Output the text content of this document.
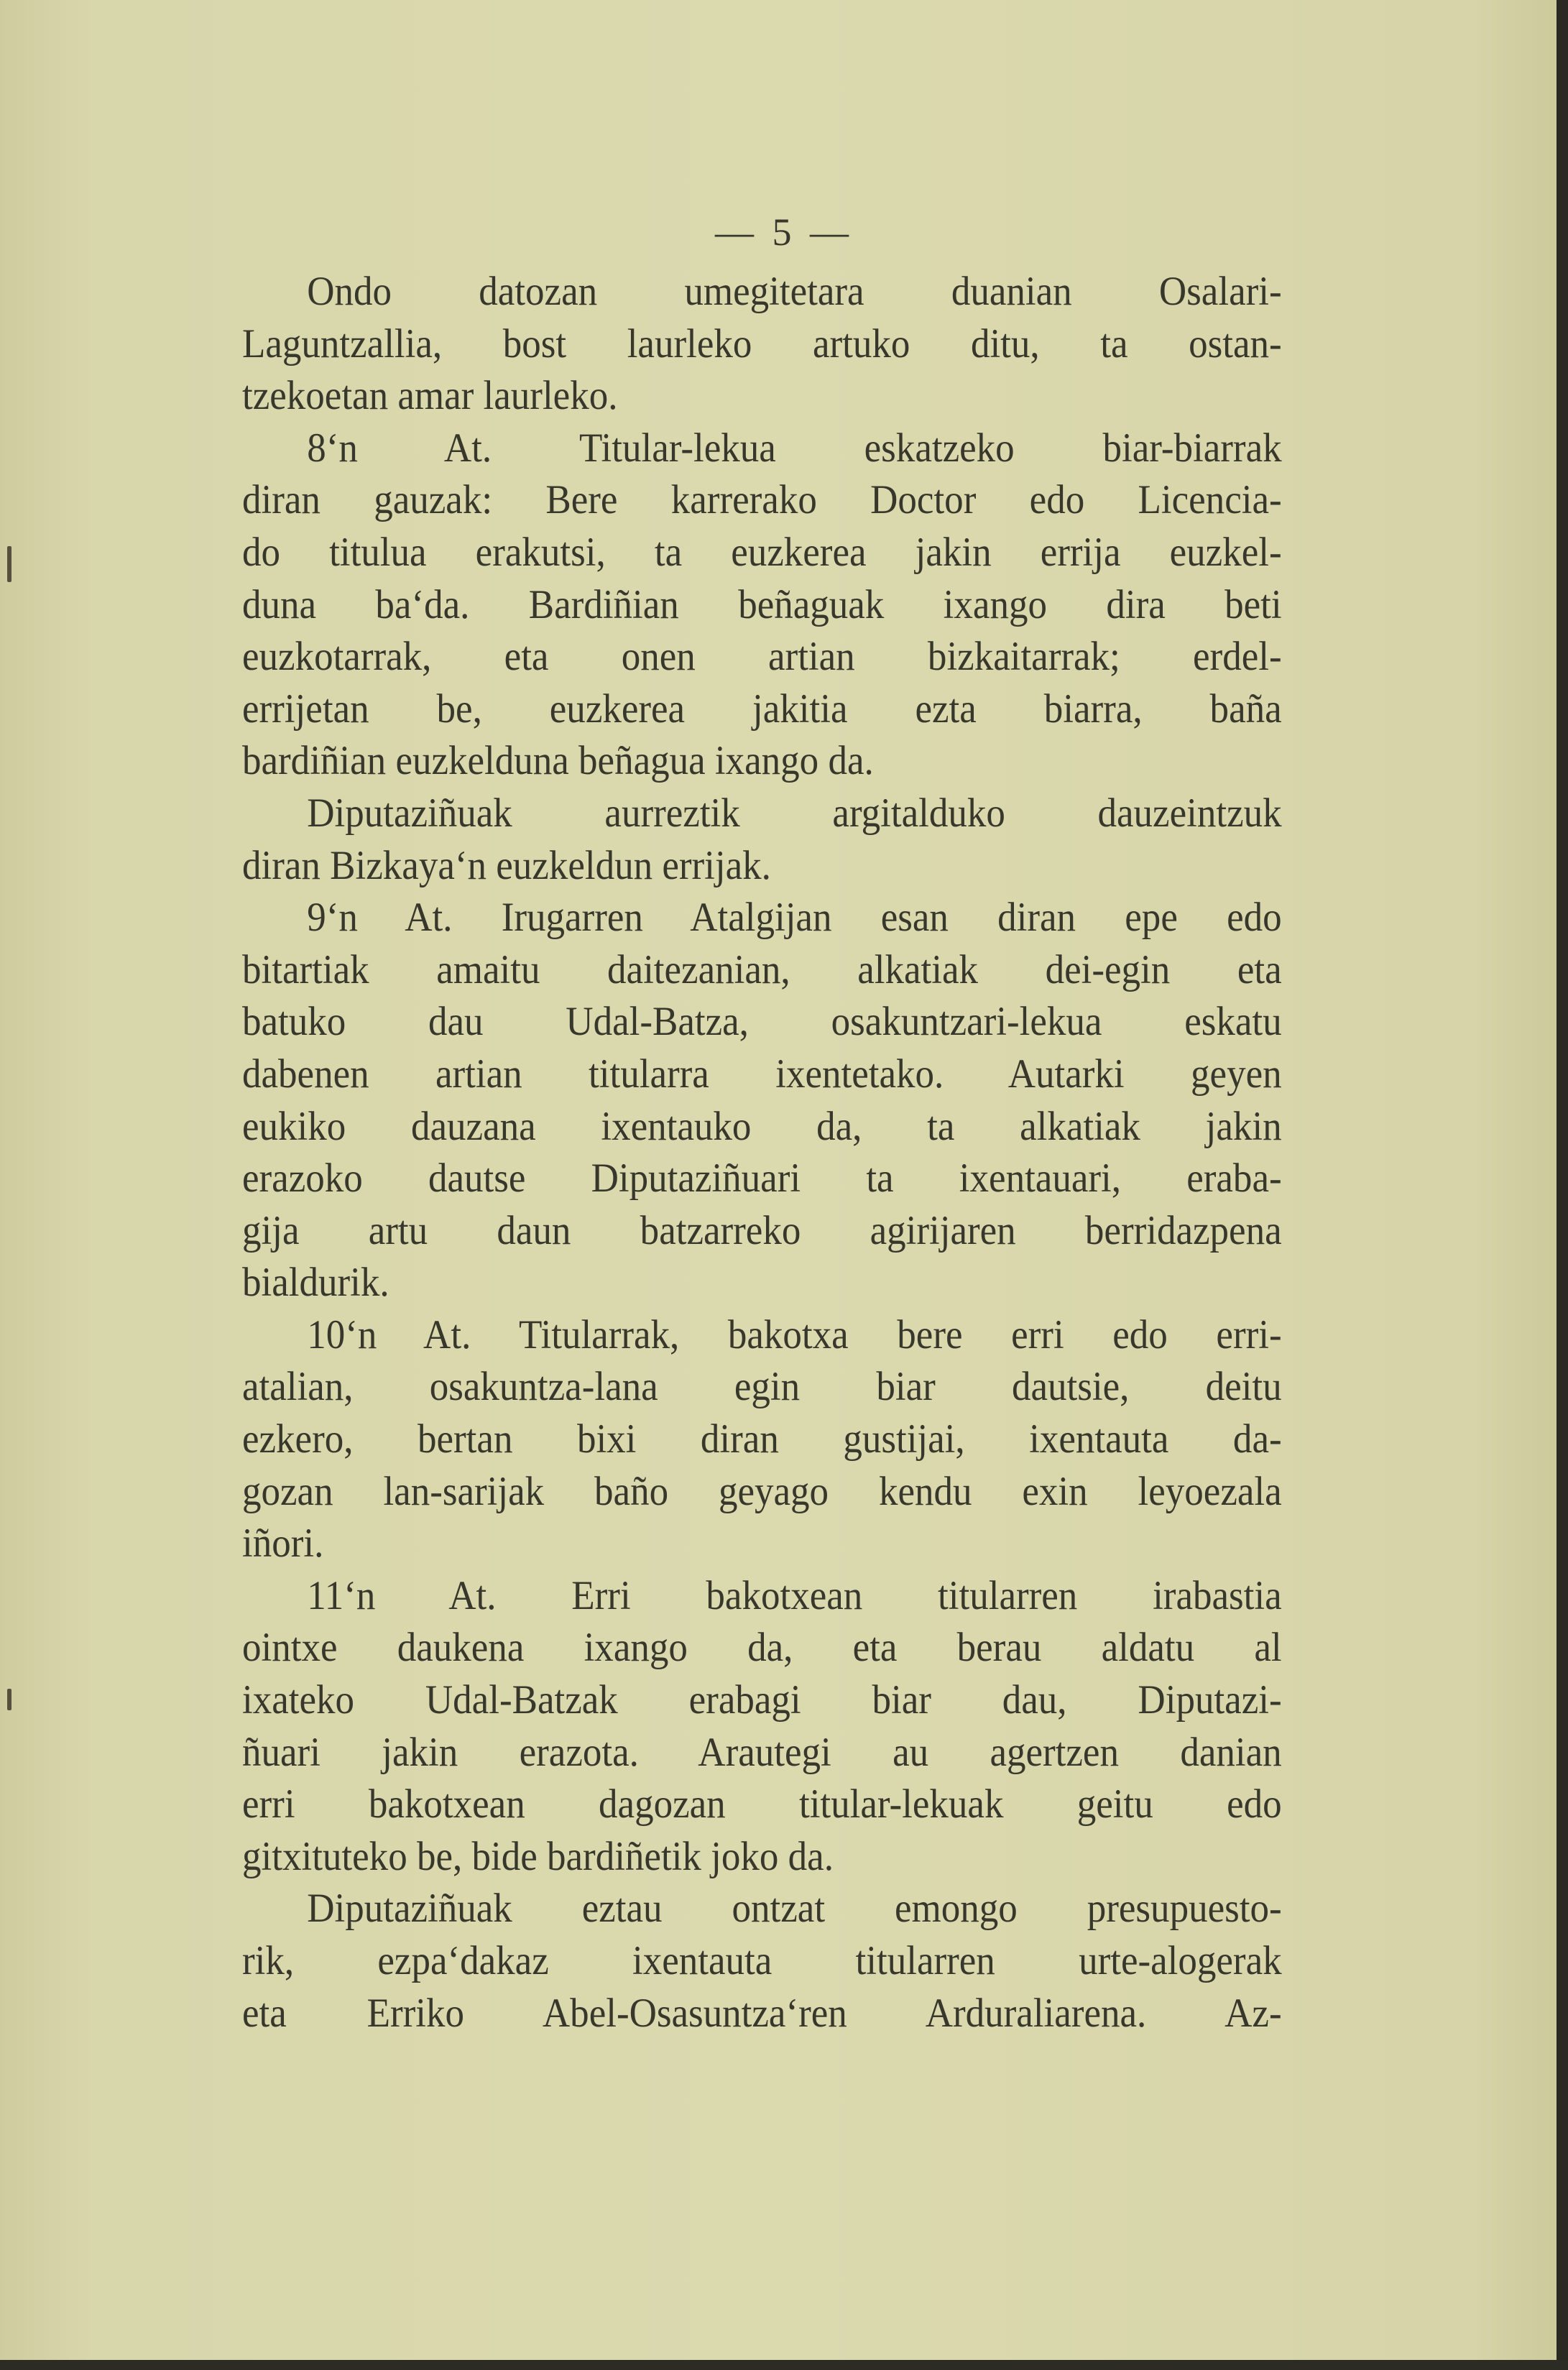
— 5 —
Ondo datozan umegitetara duanian Osalari-
Laguntzallia, bost laurleko artuko ditu, ta ostan-
tzekoetan amar laurleko.
8‘n At. Titular-lekua eskatzeko biar-biarrak
diran gauzak: Bere karrerako Doctor edo Licencia-
do titulua erakutsi, ta euzkerea jakin errija euzkel-
duna ba‘da. Bardiñian beñaguak ixango dira beti
euzkotarrak, eta onen artian bizkaitarrak; erdel-
errijetan be, euzkerea jakitia ezta biarra, baña
bardiñian euzkelduna beñagua ixango da.
Diputaziñuak aurreztik argitalduko dauzeintzuk
diran Bizkaya‘n euzkeldun errijak.
9‘n At. Irugarren Atalgijan esan diran epe edo
bitartiak amaitu daitezanian, alkatiak dei-egin eta
batuko dau Udal-Batza, osakuntzari-lekua eskatu
dabenen artian titularra ixentetako. Autarki geyen
eukiko dauzana ixentauko da, ta alkatiak jakin
erazoko dautse Diputaziñuari ta ixentauari, eraba-
gija artu daun batzarreko agirijaren berridazpena
bialdurik.
10‘n At. Titularrak, bakotxa bere erri edo erri-
atalian, osakuntza-lana egin biar dautsie, deitu
ezkero, bertan bixi diran gustijai, ixentauta da-
gozan lan-sarijak baño geyago kendu exin leyoezala
iñori.
11‘n At. Erri bakotxean titularren irabastia
ointxe daukena ixango da, eta berau aldatu al
ixateko Udal-Batzak erabagi biar dau, Diputazi-
ñuari jakin erazota. Arautegi au agertzen danian
erri bakotxean dagozan titular-lekuak geitu edo
gitxituteko be, bide bardiñetik joko da.
Diputaziñuak eztau ontzat emongo presupuesto-
rik, ezpa‘dakaz ixentauta titularren urte-alogerak
eta Erriko Abel-Osasuntza‘ren Arduraliarena. Az-
